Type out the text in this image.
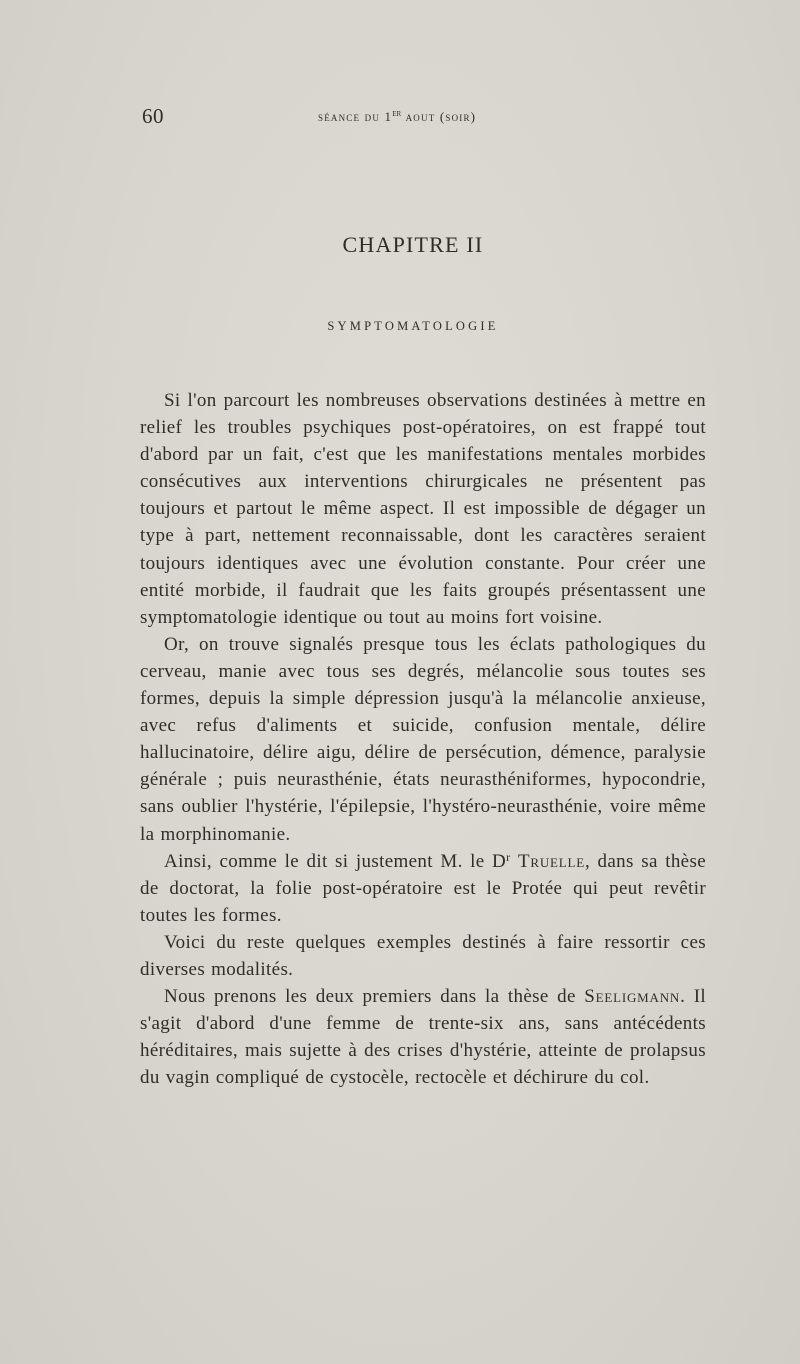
60	séance du 1er aout (soir)
CHAPITRE II
SYMPTOMATOLOGIE

Si l'on parcourt les nombreuses observations destinées à mettre en relief les troubles psychiques post-opératoires, on est frappé tout d'abord par un fait, c'est que les manifestations mentales morbides consécutives aux interventions chirurgicales ne présentent pas toujours et partout le même aspect. Il est impossible de dégager un type à part, nettement reconnaissable, dont les caractères seraient toujours identiques avec une évolution constante. Pour créer une entité morbide, il faudrait que les faits groupés présentassent une symptomatologie identique ou tout au moins fort voisine.

Or, on trouve signalés presque tous les éclats pathologiques du cerveau, manie avec tous ses degrés, mélancolie sous toutes ses formes, depuis la simple dépression jusqu'à la mélancolie anxieuse, avec refus d'aliments et suicide, confusion mentale, délire hallucinatoire, délire aigu, délire de persécution, démence, paralysie générale ; puis neurasthénie, états neurasthéniformes, hypocondrie, sans oublier l'hystérie, l'épilepsie, l'hystéro-neurasthénie, voire même la morphinomanie.

Ainsi, comme le dit si justement M. le $D^r$ Truelle, dans sa thèse de doctorat, la folie post-opératoire est le Protée qui peut revêtir toutes les formes.

Voici du reste quelques exemples destinés à faire ressortir ces diverses modalités.

Nous prenons les deux premiers dans la thèse de Seeligmann. Il s'agit d'abord d'une femme de trente-six ans, sans antécédents héréditaires, mais sujette à des crises d'hystérie, atteinte de prolapsus du vagin compliqué de cystocèle, rectocèle et déchirure du col.
